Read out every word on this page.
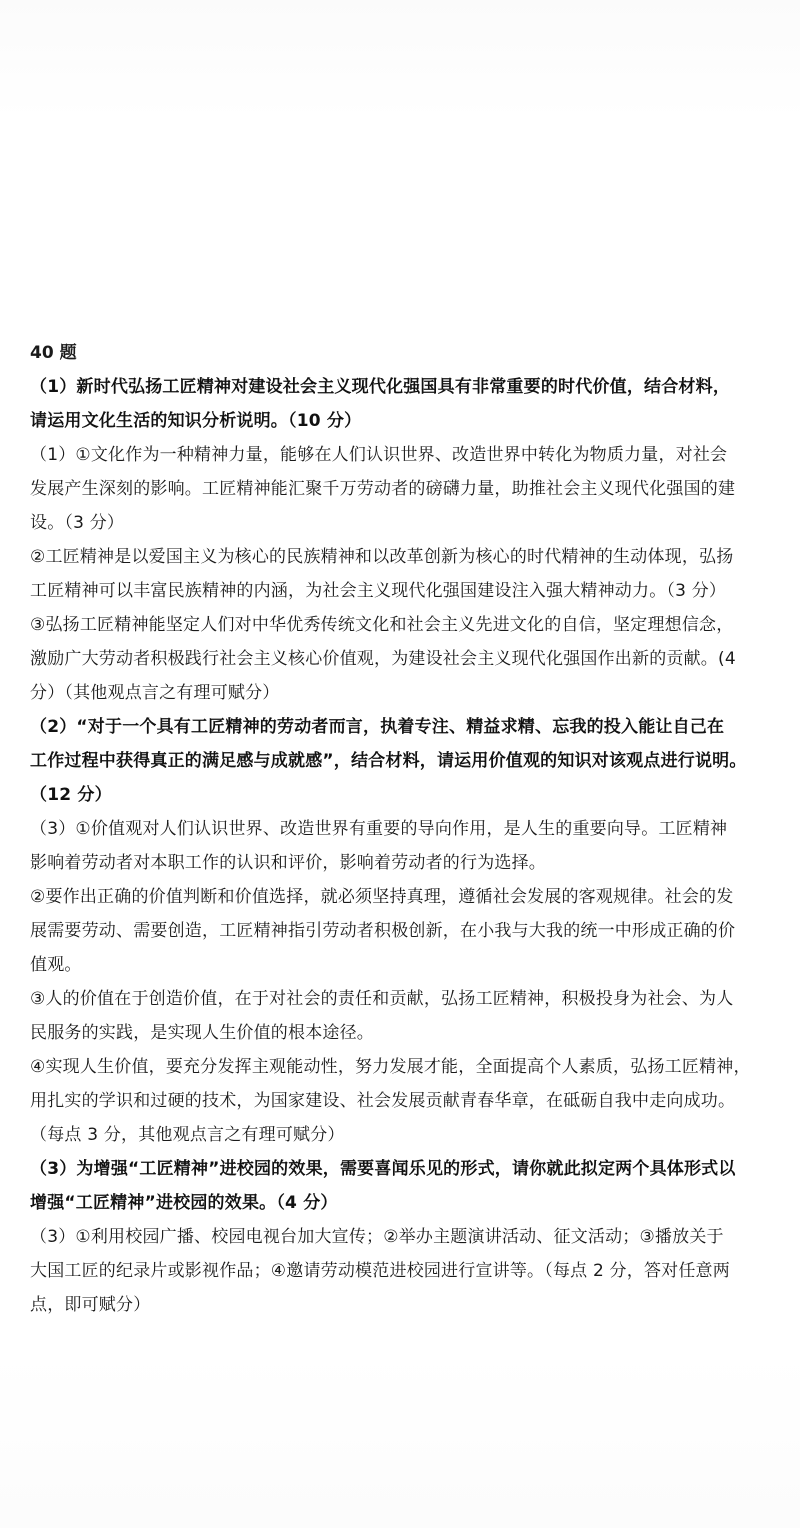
40 题
（1）新时代弘扬工匠精神对建设社会主义现代化强国具有非常重要的时代价值，结合材料，
请运用文化生活的知识分析说明。（10 分）
（1）①文化作为一种精神力量，能够在人们认识世界、改造世界中转化为物质力量，对社会
发展产生深刻的影响。工匠精神能汇聚千万劳动者的磅礴力量，助推社会主义现代化强国的建
设。（3 分）
②工匠精神是以爱国主义为核心的民族精神和以改革创新为核心的时代精神的生动体现，弘扬
工匠精神可以丰富民族精神的内涵，为社会主义现代化强国建设注入强大精神动力。（3 分）
③弘扬工匠精神能坚定人们对中华优秀传统文化和社会主义先进文化的自信，坚定理想信念，
激励广大劳动者积极践行社会主义核心价值观，为建设社会主义现代化强国作出新的贡献。(4
分）（其他观点言之有理可赋分）
（2）“对于一个具有工匠精神的劳动者而言，执着专注、精益求精、忘我的投入能让自己在
工作过程中获得真正的满足感与成就感”，结合材料，请运用价值观的知识对该观点进行说明。
（12 分）
（3）①价值观对人们认识世界、改造世界有重要的导向作用，是人生的重要向导。工匠精神
影响着劳动者对本职工作的认识和评价，影响着劳动者的行为选择。
②要作出正确的价值判断和价值选择，就必须坚持真理，遵循社会发展的客观规律。社会的发
展需要劳动、需要创造，工匠精神指引劳动者积极创新，在小我与大我的统一中形成正确的价
值观。
③人的价值在于创造价值，在于对社会的责任和贡献，弘扬工匠精神，积极投身为社会、为人
民服务的实践，是实现人生价值的根本途径。
④实现人生价值，要充分发挥主观能动性，努力发展才能，全面提高个人素质，弘扬工匠精神，
用扎实的学识和过硬的技术，为国家建设、社会发展贡献青春华章，在砥砺自我中走向成功。
（每点 3 分，其他观点言之有理可赋分）
（3）为增强“工匠精神”进校园的效果，需要喜闻乐见的形式，请你就此拟定两个具体形式以
增强“工匠精神”进校园的效果。（4 分）
（3）①利用校园广播、校园电视台加大宣传；②举办主题演讲活动、征文活动；③播放关于
大国工匠的纪录片或影视作品；④邀请劳动模范进校园进行宣讲等。（每点 2 分，答对任意两
点，即可赋分）
